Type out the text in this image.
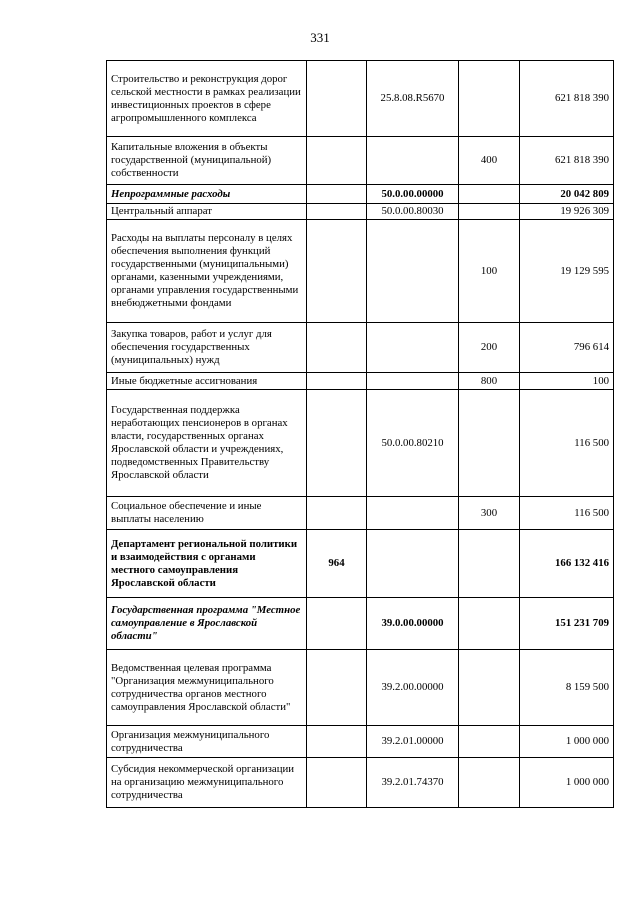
331
Строительство и реконструкция дорог сельской местности в рамках реализации инвестиционных проектов в сфере агропромышленного комплекса		25.8.08.R5670		621 818 390
Капитальные вложения в объекты государственной (муниципальной) собственности			400	621 818 390
Непрограммные расходы		50.0.00.00000		20 042 809
Центральный аппарат		50.0.00.80030		19 926 309
Расходы на выплаты персоналу в целях обеспечения выполнения функций государственными (муниципальными) органами, казенными учреждениями, органами управления государственными внебюджетными фондами			100	19 129 595
Закупка товаров, работ и услуг для обеспечения государственных (муниципальных) нужд			200	796 614
Иные бюджетные ассигнования			800	100
Государственная поддержка неработающих пенсионеров в органах власти, государственных органах Ярославской области и учреждениях, подведомственных Правительству Ярославской области		50.0.00.80210		116 500
Социальное обеспечение и иные выплаты населению			300	116 500
Департамент региональной политики и взаимодействия с органами местного самоуправления Ярославской области	964			166 132 416
Государственная программа "Местное самоуправление в Ярославской области"		39.0.00.00000		151 231 709
Ведомственная целевая программа "Организация межмуниципального сотрудничества органов местного самоуправления Ярославской области"		39.2.00.00000		8 159 500
Организация межмуниципального сотрудничества		39.2.01.00000		1 000 000
Субсидия некоммерческой организации на организацию межмуниципального сотрудничества		39.2.01.74370		1 000 000
